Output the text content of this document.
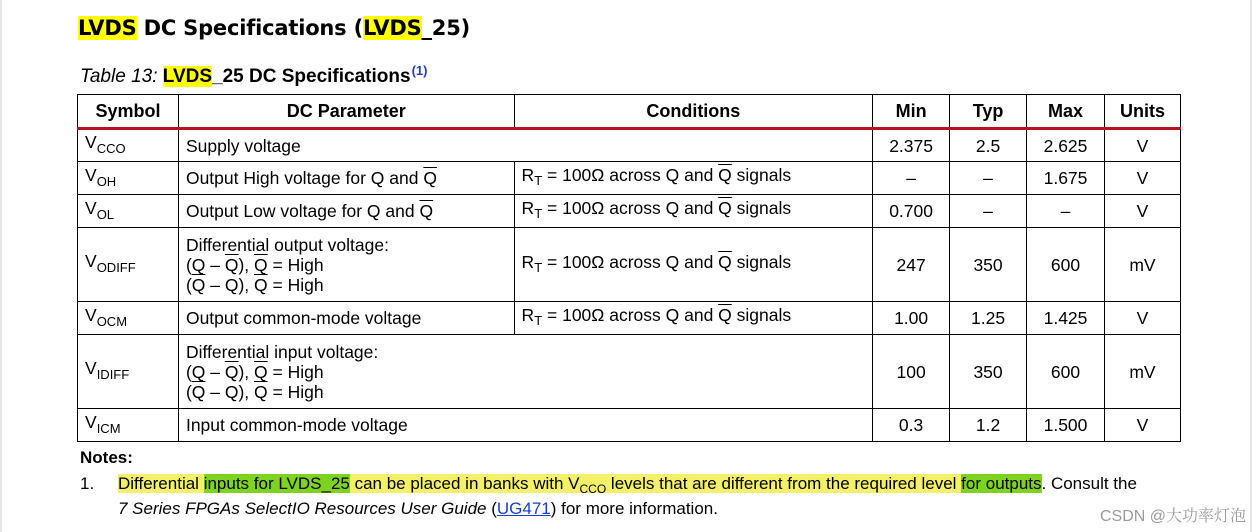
LVDS DC Specifications (LVDS_25)
Table 13: LVDS_25 DC Specifications$^{(1)}$
Symbol	DC Parameter	Conditions	Min	Typ	Max	Units
$V_{CCO}$	Supply voltage		2.375	2.5	2.625	V
$V_{OH}$	Output High voltage for Q and $\overline{Q}$	$R_T = 100\Omega$ across Q and $\overline{Q}$ signals	–	–	1.675	V
$V_{OL}$	Output Low voltage for Q and $\overline{Q}$	$R_T = 100\Omega$ across Q and $\overline{Q}$ signals	0.700	–	–	V
$V_{ODIFF}$	Differential output voltage:
$(Q - \overline{Q})$, $\overline{Q}$ = High
$(\overline{Q} - Q)$, $\overline{Q}$ = High	$R_T = 100\Omega$ across Q and $\overline{Q}$ signals	247	350	600	mV
$V_{OCM}$	Output common-mode voltage	$R_T = 100\Omega$ across Q and $\overline{Q}$ signals	1.00	1.25	1.425	V
$V_{IDIFF}$	Differential input voltage:
$(Q - \overline{Q})$, $\overline{Q}$ = High
$(\overline{Q} - Q)$, $\overline{Q}$ = High		100	350	600	mV
$V_{ICM}$	Input common-mode voltage		0.3	1.2	1.500	V
Notes:
1. Differential inputs for LVDS_25 can be placed in banks with $V_{CCO}$ levels that are different from the required level for outputs. Consult the
7 Series FPGAs SelectIO Resources User Guide (UG471) for more information.	CSDN @大功率灯泡
